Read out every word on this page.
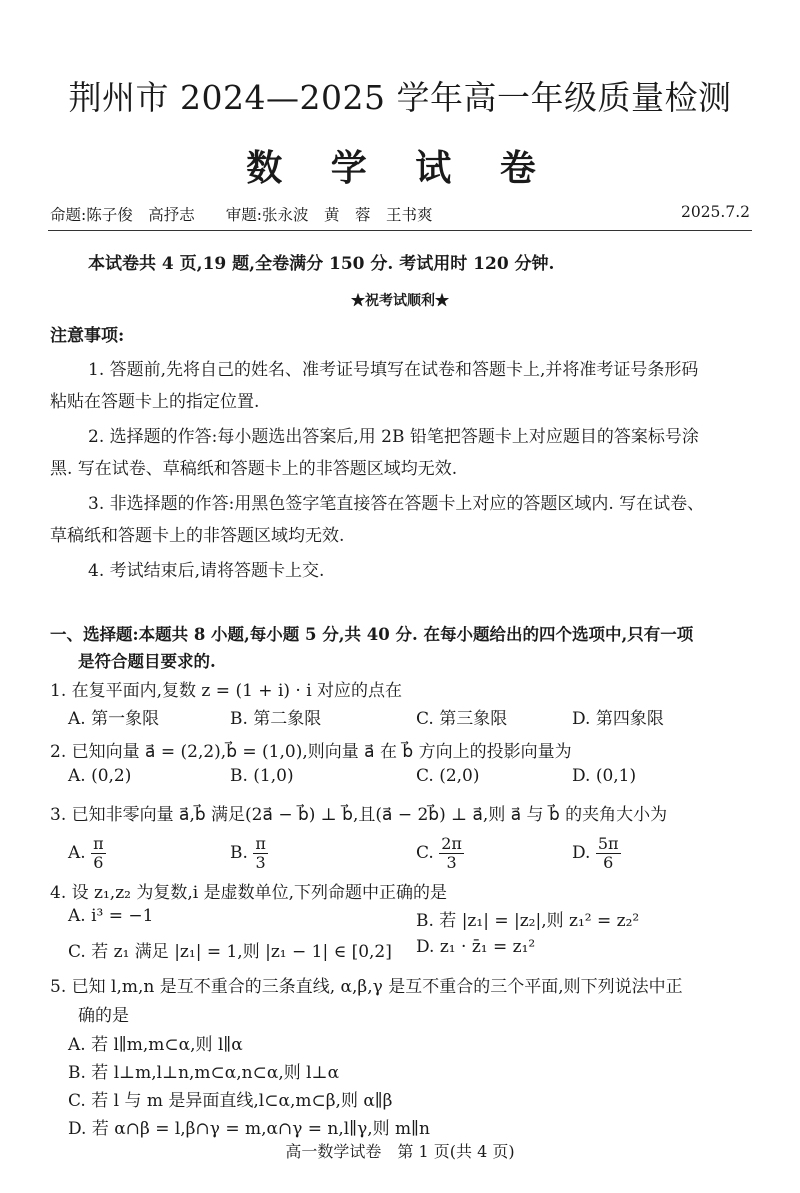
荆州市 2024—2025 学年高一年级质量检测
数 学 试 卷
命题:陈子俊　高抒志　　审题:张永波　黄　蓉　王书爽	2025.7.2
本试卷共 4 页,19 题,全卷满分 150 分. 考试用时 120 分钟.
★祝考试顺利★
注意事项:
1. 答题前,先将自己的姓名、准考证号填写在试卷和答题卡上,并将准考证号条形码
粘贴在答题卡上的指定位置.
2. 选择题的作答:每小题选出答案后,用 2B 铅笔把答题卡上对应题目的答案标号涂
黑. 写在试卷、草稿纸和答题卡上的非答题区域均无效.
3. 非选择题的作答:用黑色签字笔直接答在答题卡上对应的答题区域内. 写在试卷、
草稿纸和答题卡上的非答题区域均无效.
4. 考试结束后,请将答题卡上交.
一、选择题:本题共 8 小题,每小题 5 分,共 40 分. 在每小题给出的四个选项中,只有一项
是符合题目要求的.
1. 在复平面内,复数 z = (1 + i) · i 对应的点在
A. 第一象限	B. 第二象限	C. 第三象限	D. 第四象限
2. 已知向量 a⃗ = (2,2),b⃗ = (1,0),则向量 a⃗ 在 b⃗ 方向上的投影向量为
A. (0,2)	B. (1,0)	C. (2,0)	D. (0,1)
3. 已知非零向量 a⃗,b⃗ 满足(2a⃗ − b⃗) ⊥ b⃗,且(a⃗ − 2b⃗) ⊥ a⃗,则 a⃗ 与 b⃗ 的夹角大小为
A. $\frac{\pi}{6}$	B. $\frac{\pi}{3}$	C. $\frac{2\pi}{3}$	D. $\frac{5\pi}{6}$
4. 设 z₁,z₂ 为复数,i 是虚数单位,下列命题中正确的是
A. i³ = −1	B. 若 |z₁| = |z₂|,则 z₁² = z₂²
C. 若 z₁ 满足 |z₁| = 1,则 |z₁ − 1| ∈ [0,2] D. z₁ · z̄₁ = z₁²
5. 已知 l,m,n 是互不重合的三条直线, α,β,γ 是互不重合的三个平面,则下列说法中正
确的是
A. 若 l∥m,m⊂α,则 l∥α
B. 若 l⊥m,l⊥n,m⊂α,n⊂α,则 l⊥α
C. 若 l 与 m 是异面直线,l⊂α,m⊂β,则 α∥β
D. 若 α∩β = l,β∩γ = m,α∩γ = n,l∥γ,则 m∥n
高一数学试卷　第 1 页(共 4 页)
